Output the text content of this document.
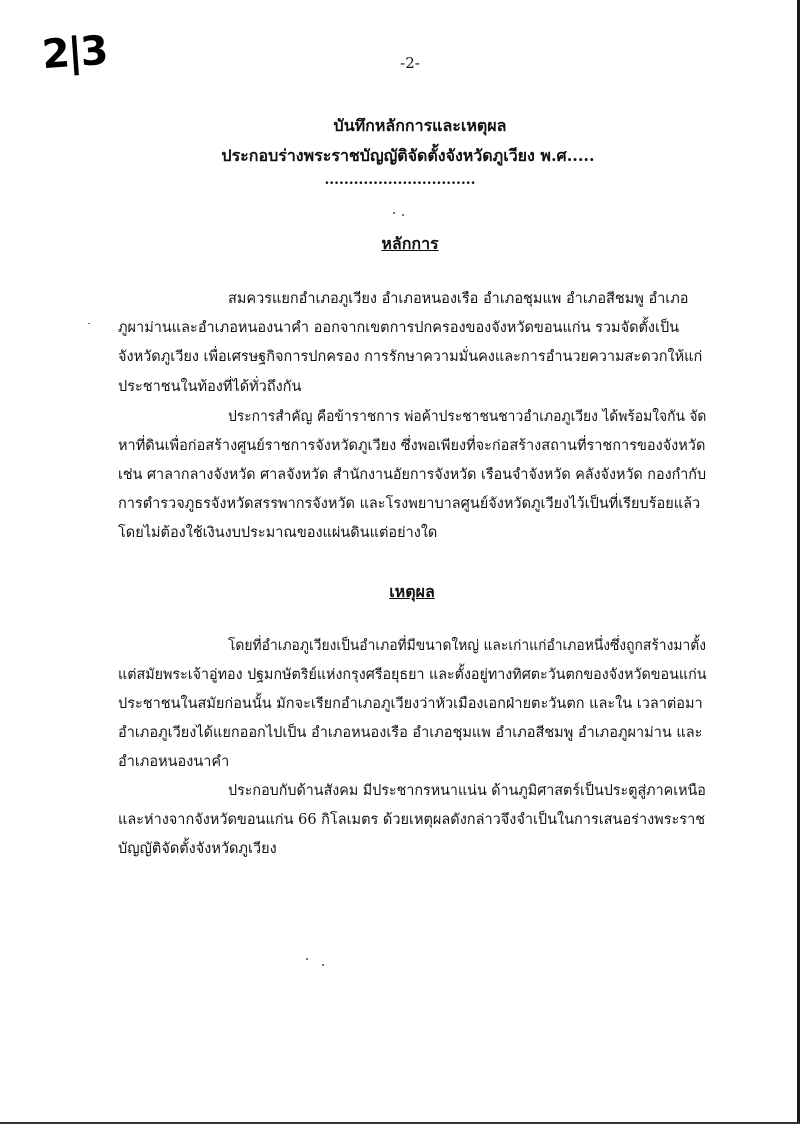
2|3	-2-
บันทึกหลักการและเหตุผล
ประกอบร่างพระราชบัญญัติจัดตั้งจังหวัดภูเวียง พ.ศ.....
...............................
หลักการ
สมควรแยกอำเภอภูเวียง อำเภอหนองเรือ อำเภอชุมแพ อำเภอสีชมพู อำเภอ
ภูผาม่านและอำเภอหนองนาคำ ออกจากเขตการปกครองของจังหวัดขอนแก่น รวมจัดตั้งเป็น
จังหวัดภูเวียง เพื่อเศรษฐกิจการปกครอง การรักษาความมั่นคงและการอำนวยความสะดวกให้แก่
ประชาชนในท้องที่ได้ทั่วถึงกัน
ประการสำคัญ คือข้าราชการ พ่อค้าประชาชนชาวอำเภอภูเวียง ได้พร้อมใจกัน จัด
หาที่ดินเพื่อก่อสร้างศูนย์ราชการจังหวัดภูเวียง ซึ่งพอเพียงที่จะก่อสร้างสถานที่ราชการของจังหวัด
เช่น ศาลากลางจังหวัด ศาลจังหวัด สำนักงานอัยการจังหวัด เรือนจำจังหวัด คลังจังหวัด กองกำกับ
การตำรวจภูธรจังหวัดสรรพากรจังหวัด และโรงพยาบาลศูนย์จังหวัดภูเวียงไว้เป็นที่เรียบร้อยแล้ว
โดยไม่ต้องใช้เงินงบประมาณของแผ่นดินแต่อย่างใด
เหตุผล
โดยที่อำเภอภูเวียงเป็นอำเภอที่มีขนาดใหญ่ และเก่าแก่อำเภอหนึ่งซึ่งถูกสร้างมาตั้ง
แต่สมัยพระเจ้าอู่ทอง ปฐมกษัตริย์แห่งกรุงศรีอยุธยา และตั้งอยู่ทางทิศตะวันตกของจังหวัดขอนแก่น
ประชาชนในสมัยก่อนนั้น มักจะเรียกอำเภอภูเวียงว่าหัวเมืองเอกฝ่ายตะวันตก และใน เวลาต่อมา
อำเภอภูเวียงได้แยกออกไปเป็น อำเภอหนองเรือ อำเภอชุมแพ อำเภอสีชมพู อำเภอภูผาม่าน และ
อำเภอหนองนาคำ
ประกอบกับด้านสังคม มีประชากรหนาแน่น ด้านภูมิศาสตร์เป็นประตูสู่ภาคเหนือ
และห่างจากจังหวัดขอนแก่น 66 กิโลเมตร ด้วยเหตุผลดังกล่าวจึงจำเป็นในการเสนอร่างพระราช
บัญญัติจัดตั้งจังหวัดภูเวียง
